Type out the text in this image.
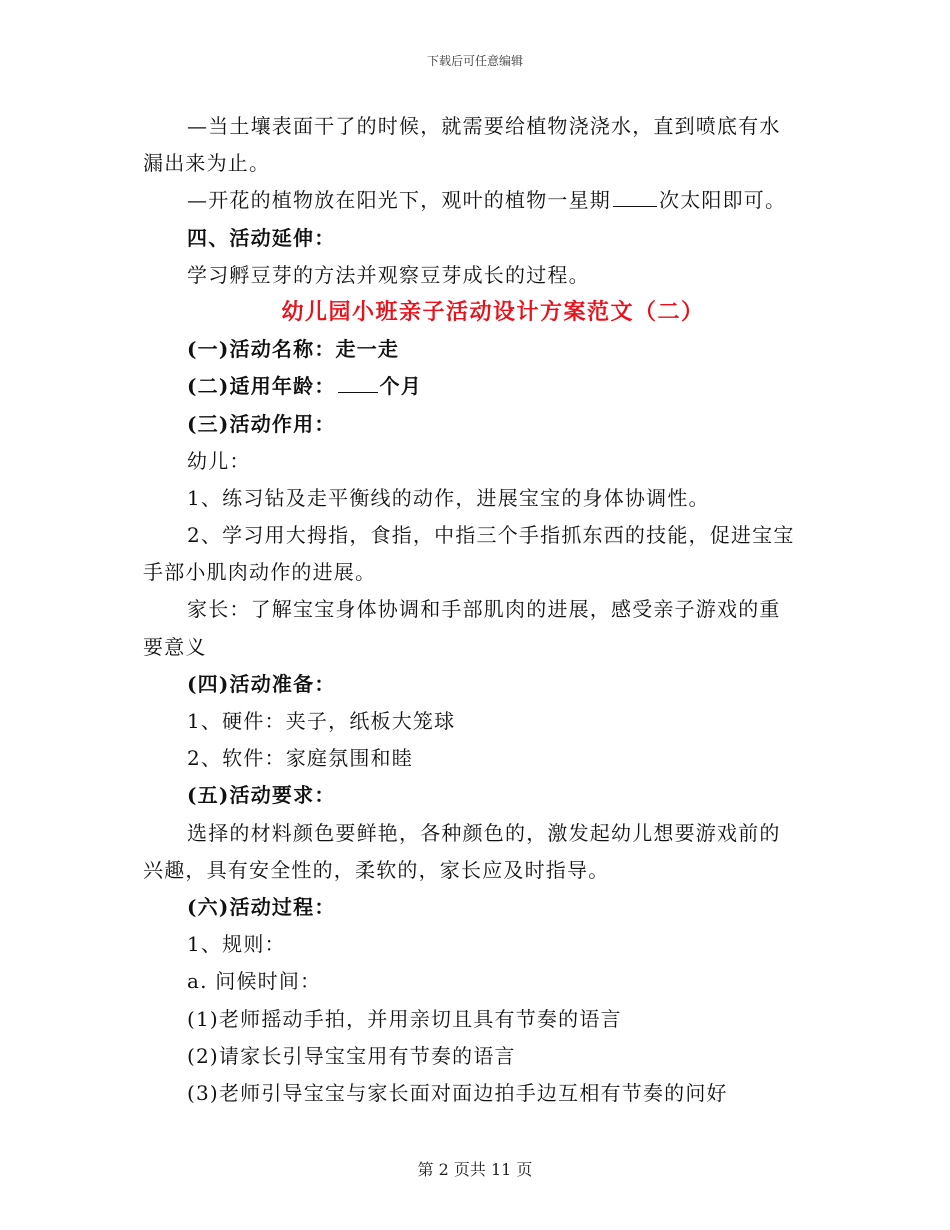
下载后可任意编辑
—当土壤表面干了的时候，就需要给植物浇浇水，直到喷底有水
漏出来为止。
—开花的植物放在阳光下，观叶的植物一星期 次太阳即可。
四、活动延伸：
学习孵豆芽的方法并观察豆芽成长的过程。
幼儿园小班亲子活动设计方案范文（二）
(一)活动名称：走一走
(二)适用年龄： 个月
(三)活动作用：
幼儿：
1、练习钻及走平衡线的动作，进展宝宝的身体协调性。
2、学习用大拇指，食指，中指三个手指抓东西的技能，促进宝宝
手部小肌肉动作的进展。
家长：了解宝宝身体协调和手部肌肉的进展，感受亲子游戏的重
要意义
(四)活动准备：
1、硬件：夹子，纸板大笼球
2、软件：家庭氛围和睦
(五)活动要求：
选择的材料颜色要鲜艳，各种颜色的，激发起幼儿想要游戏前的
兴趣，具有安全性的，柔软的，家长应及时指导。
(六)活动过程：
1、规则：
a. 问候时间：
(1)老师摇动手拍，并用亲切且具有节奏的语言
(2)请家长引导宝宝用有节奏的语言
(3)老师引导宝宝与家长面对面边拍手边互相有节奏的问好
第 2 页共 11 页
